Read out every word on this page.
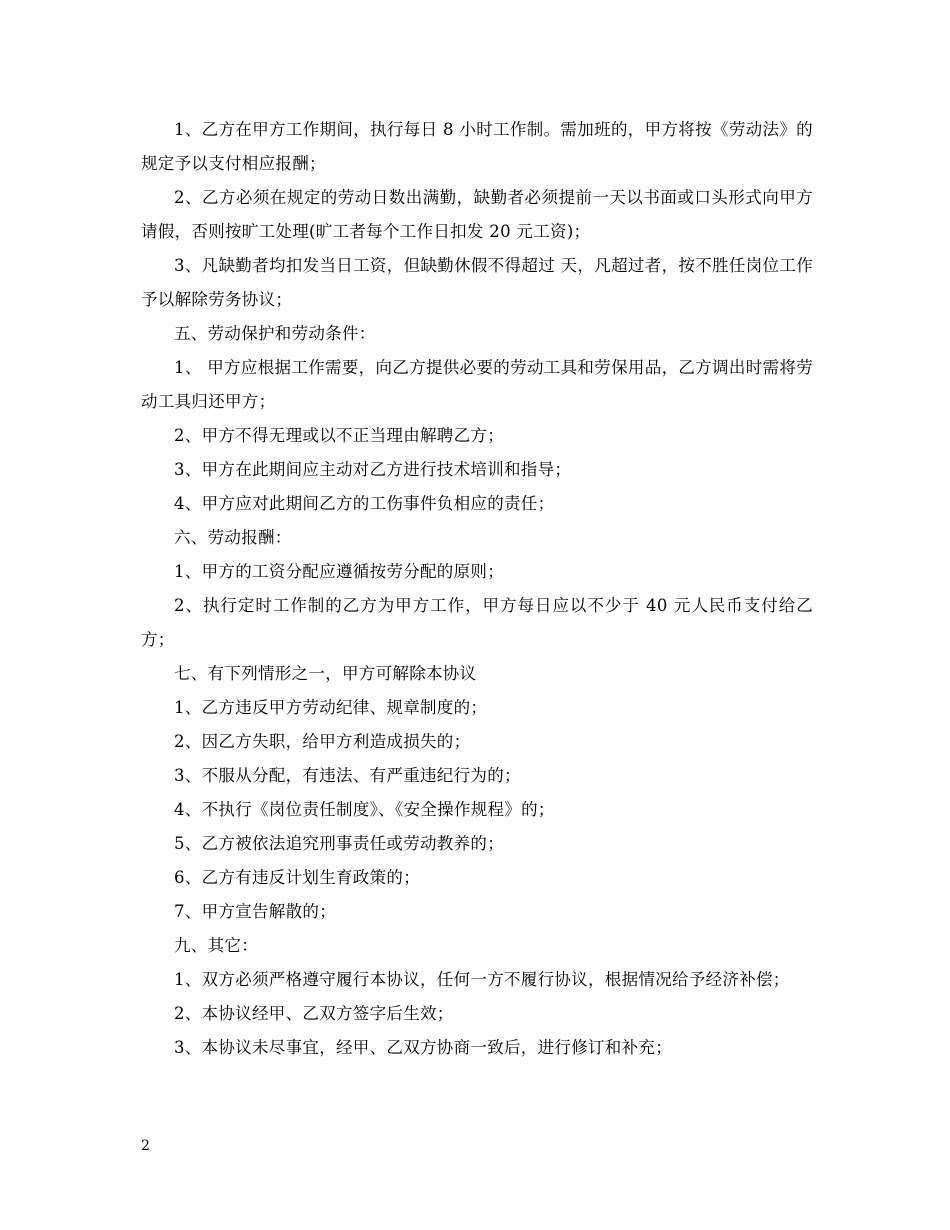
1、乙方在甲方工作期间，执行每日 8 小时工作制。需加班的，甲方将按《劳动法》的规定予以支付相应报酬；

2、乙方必须在规定的劳动日数出满勤，缺勤者必须提前一天以书面或口头形式向甲方请假，否则按旷工处理(旷工者每个工作日扣发 20 元工资)；

3、凡缺勤者均扣发当日工资，但缺勤休假不得超过 天，凡超过者，按不胜任岗位工作予以解除劳务协议；

五、劳动保护和劳动条件：

1、 甲方应根据工作需要，向乙方提供必要的劳动工具和劳保用品，乙方调出时需将劳动工具归还甲方；

2、甲方不得无理或以不正当理由解聘乙方；

3、甲方在此期间应主动对乙方进行技术培训和指导；

4、甲方应对此期间乙方的工伤事件负相应的责任；

六、劳动报酬：

1、甲方的工资分配应遵循按劳分配的原则；

2、执行定时工作制的乙方为甲方工作，甲方每日应以不少于 40 元人民币支付给乙方；

七、有下列情形之一，甲方可解除本协议

1、乙方违反甲方劳动纪律、规章制度的；

2、因乙方失职，给甲方利造成损失的；

3、不服从分配，有违法、有严重违纪行为的；

4、不执行《岗位责任制度》、《安全操作规程》的；

5、乙方被依法追究刑事责任或劳动教养的；

6、乙方有违反计划生育政策的；

7、甲方宣告解散的；

九、其它：

1、双方必须严格遵守履行本协议，任何一方不履行协议，根据情况给予经济补偿；

2、本协议经甲、乙双方签字后生效；

3、本协议未尽事宜，经甲、乙双方协商一致后，进行修订和补充；

2
